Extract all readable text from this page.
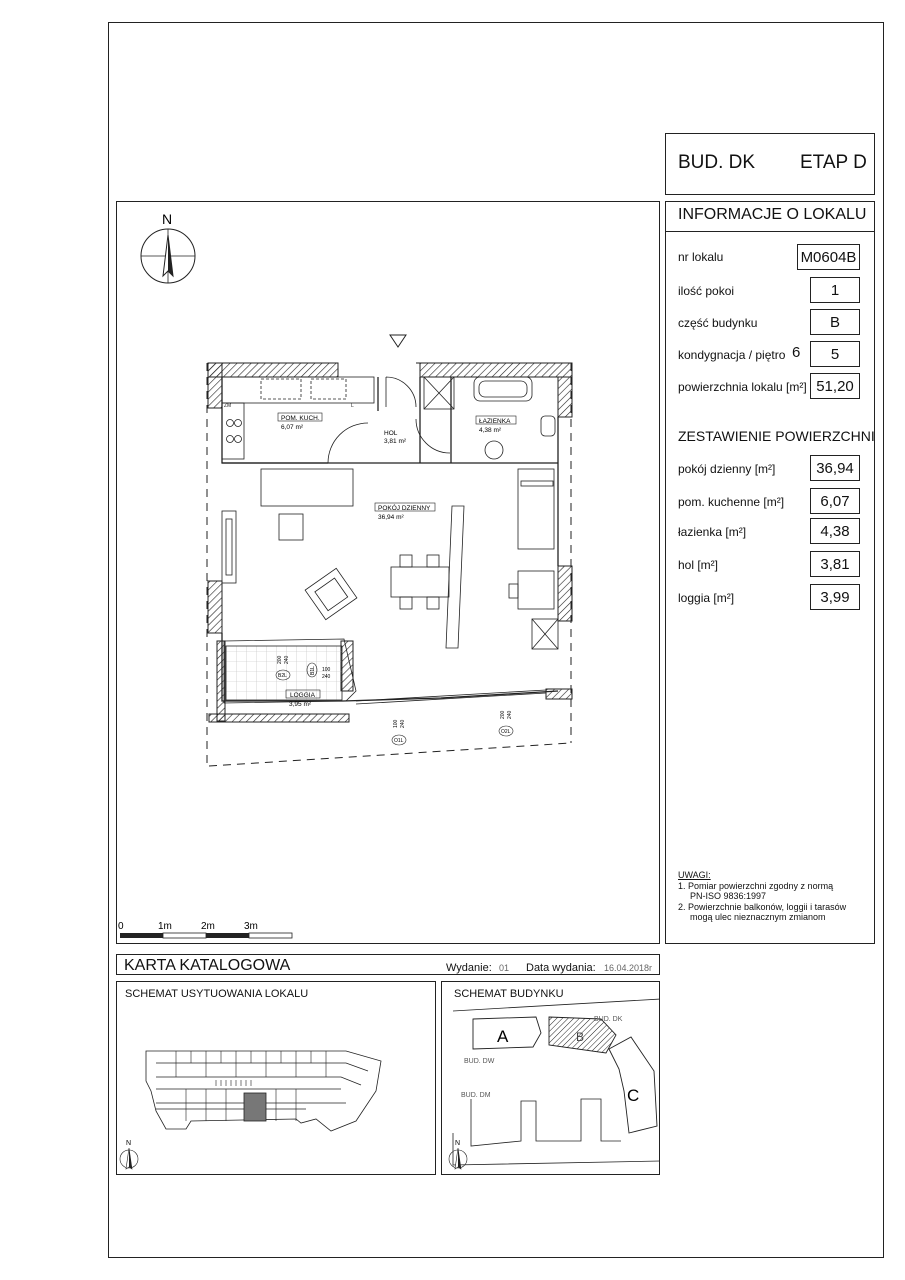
BUD. DK ETAP D
INFORMACJE O LOKALU
nr lokalu	M0604B
ilość pokoi	1
część budynku	B
kondygnacja / piętro 6	5
powierzchnia lokalu [m²] 51,20
ZESTAWIENIE POWIERZCHNI
pokój dzienny [m²]	36,94
pom. kuchenne [m²]	6,07
łazienka [m²]	4,38
hol [m²]	3,81
loggia [m²]	3,99
UWAGI:
1. Pomiar powierzchni zgodny z normą
PN-ISO 9836:1997
2. Powierzchnie balkonów, loggii i tarasów
mogą ulec nieznacznym zmianom
N
ZM	L
POM. KUCH.
6,07 m²
HOL
3,81 m²
ŁAZIENKA
4,38 m²
POKÓJ DZIENNY
36,94 m²
LOGGIA
3,95 m²
B2L
200 240
B1L 100
240
O1L
100 240
O2L
200 240
0	1m	2m	3m
KARTA KATALOGOWA	Wydanie: 01 Data wydania: 16.04.2018r
SCHEMAT USYTUOWANIA LOKALU
N
SCHEMAT BUDYNKU
A	B
C
BUD. DK
BUD. DW
BUD. DM
N
